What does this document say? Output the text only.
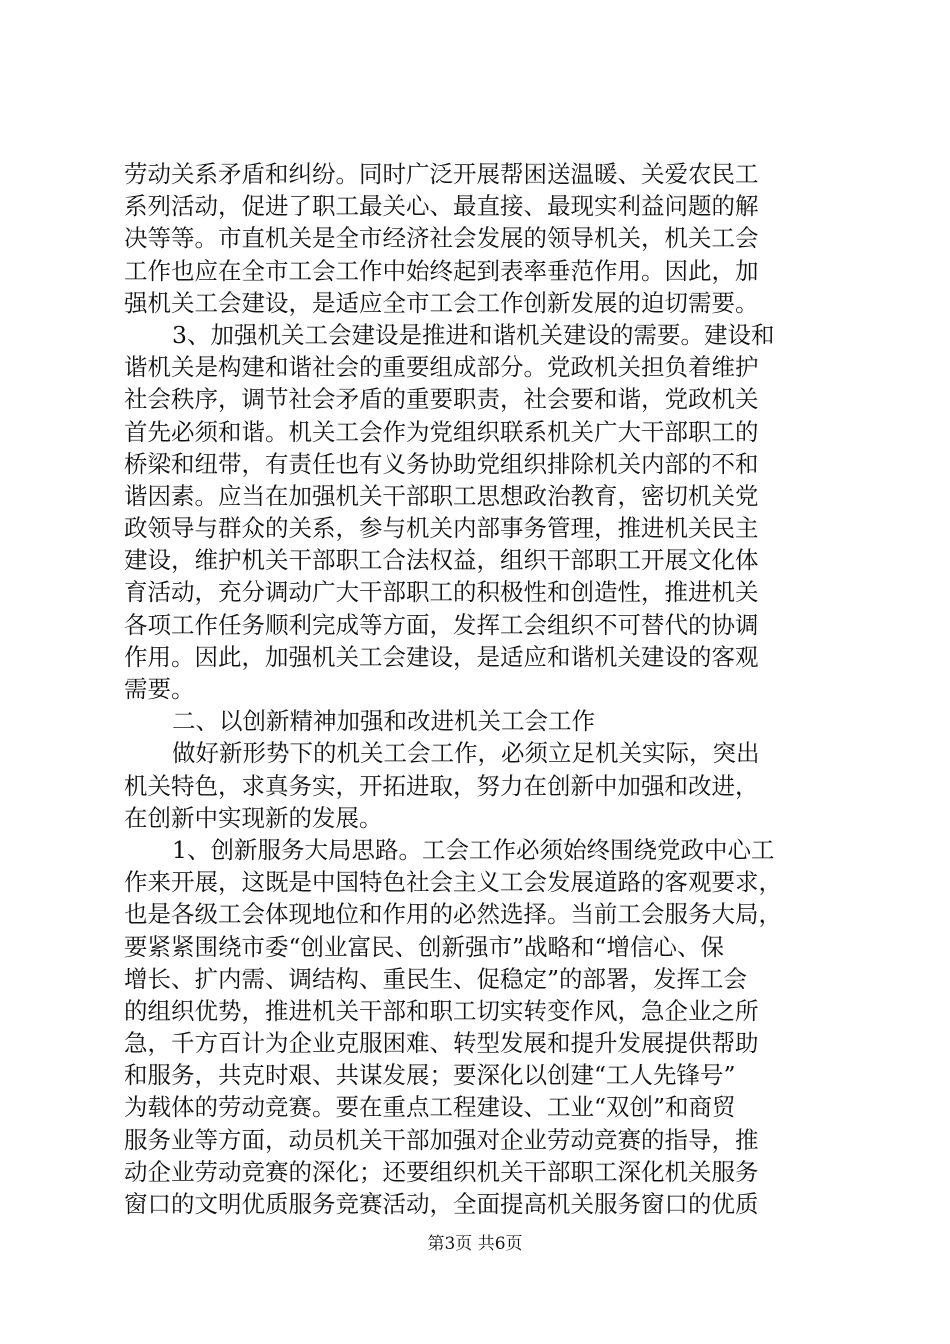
劳动关系矛盾和纠纷。同时广泛开展帮困送温暖、关爱农民工
系列活动，促进了职工最关心、最直接、最现实利益问题的解
决等等。市直机关是全市经济社会发展的领导机关，机关工会
工作也应在全市工会工作中始终起到表率垂范作用。因此，加
强机关工会建设，是适应全市工会工作创新发展的迫切需要。
3、加强机关工会建设是推进和谐机关建设的需要。建设和
谐机关是构建和谐社会的重要组成部分。党政机关担负着维护
社会秩序，调节社会矛盾的重要职责，社会要和谐，党政机关
首先必须和谐。机关工会作为党组织联系机关广大干部职工的
桥梁和纽带，有责任也有义务协助党组织排除机关内部的不和
谐因素。应当在加强机关干部职工思想政治教育，密切机关党
政领导与群众的关系，参与机关内部事务管理，推进机关民主
建设，维护机关干部职工合法权益，组织干部职工开展文化体
育活动，充分调动广大干部职工的积极性和创造性，推进机关
各项工作任务顺利完成等方面，发挥工会组织不可替代的协调
作用。因此，加强机关工会建设，是适应和谐机关建设的客观
需要。
二、以创新精神加强和改进机关工会工作
做好新形势下的机关工会工作，必须立足机关实际，突出
机关特色，求真务实，开拓进取，努力在创新中加强和改进，
在创新中实现新的发展。
1、创新服务大局思路。工会工作必须始终围绕党政中心工
作来开展，这既是中国特色社会主义工会发展道路的客观要求，
也是各级工会体现地位和作用的必然选择。当前工会服务大局，
要紧紧围绕市委“创业富民、创新强市”战略和“增信心、保
增长、扩内需、调结构、重民生、促稳定”的部署，发挥工会
的组织优势，推进机关干部和职工切实转变作风，急企业之所
急，千方百计为企业克服困难、转型发展和提升发展提供帮助
和服务，共克时艰、共谋发展；要深化以创建“工人先锋号”
为载体的劳动竞赛。要在重点工程建设、工业“双创”和商贸
服务业等方面，动员机关干部加强对企业劳动竞赛的指导，推
动企业劳动竞赛的深化；还要组织机关干部职工深化机关服务
窗口的文明优质服务竞赛活动，全面提高机关服务窗口的优质
第3页 共6页
